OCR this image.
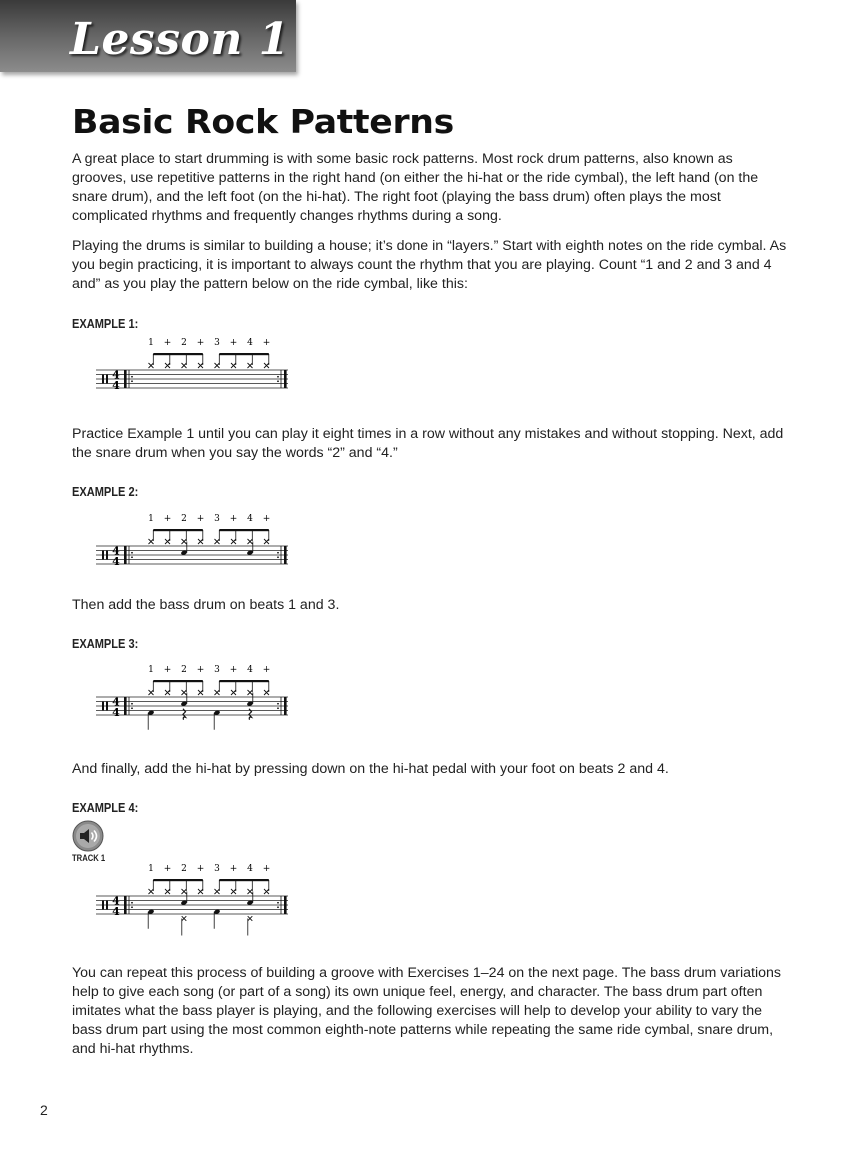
Lesson 1
Basic Rock Patterns

A great place to start drumming is with some basic rock patterns. Most rock drum patterns, also known as grooves, use repetitive patterns in the right hand (on either the hi-hat or the ride cymbal), the left hand (on the snare drum), and the left foot (on the hi-hat). The right foot (playing the bass drum) often plays the most complicated rhythms and frequently changes rhythms during a song.

Playing the drums is similar to building a house; it’s done in “layers.” Start with eighth notes on the ride cymbal. As you begin practicing, it is important to always count the rhythm that you are playing. Count “1 and 2 and 3 and 4 and” as you play the pattern below on the ride cymbal, like this:

EXAMPLE 1:
4
4
1 + 2 + 3 + 4 +

Practice Example 1 until you can play it eight times in a row without any mistakes and without stopping. Next, add the snare drum when you say the words “2” and “4.”

EXAMPLE 2:
4
4
1 + 2 + 3 + 4 +

Then add the bass drum on beats 1 and 3.

EXAMPLE 3:
4
4
1 + 2 + 3 + 4 +

And finally, add the hi-hat by pressing down on the hi-hat pedal with your foot on beats 2 and 4.

EXAMPLE 4:
TRACK 1
4
4
1 + 2 + 3 + 4 +

You can repeat this process of building a groove with Exercises 1–24 on the next page. The bass drum variations help to give each song (or part of a song) its own unique feel, energy, and character. The bass drum part often imitates what the bass player is playing, and the following exercises will help to develop your ability to vary the bass drum part using the most common eighth-note patterns while repeating the same ride cymbal, snare drum, and hi-hat rhythms.

2
